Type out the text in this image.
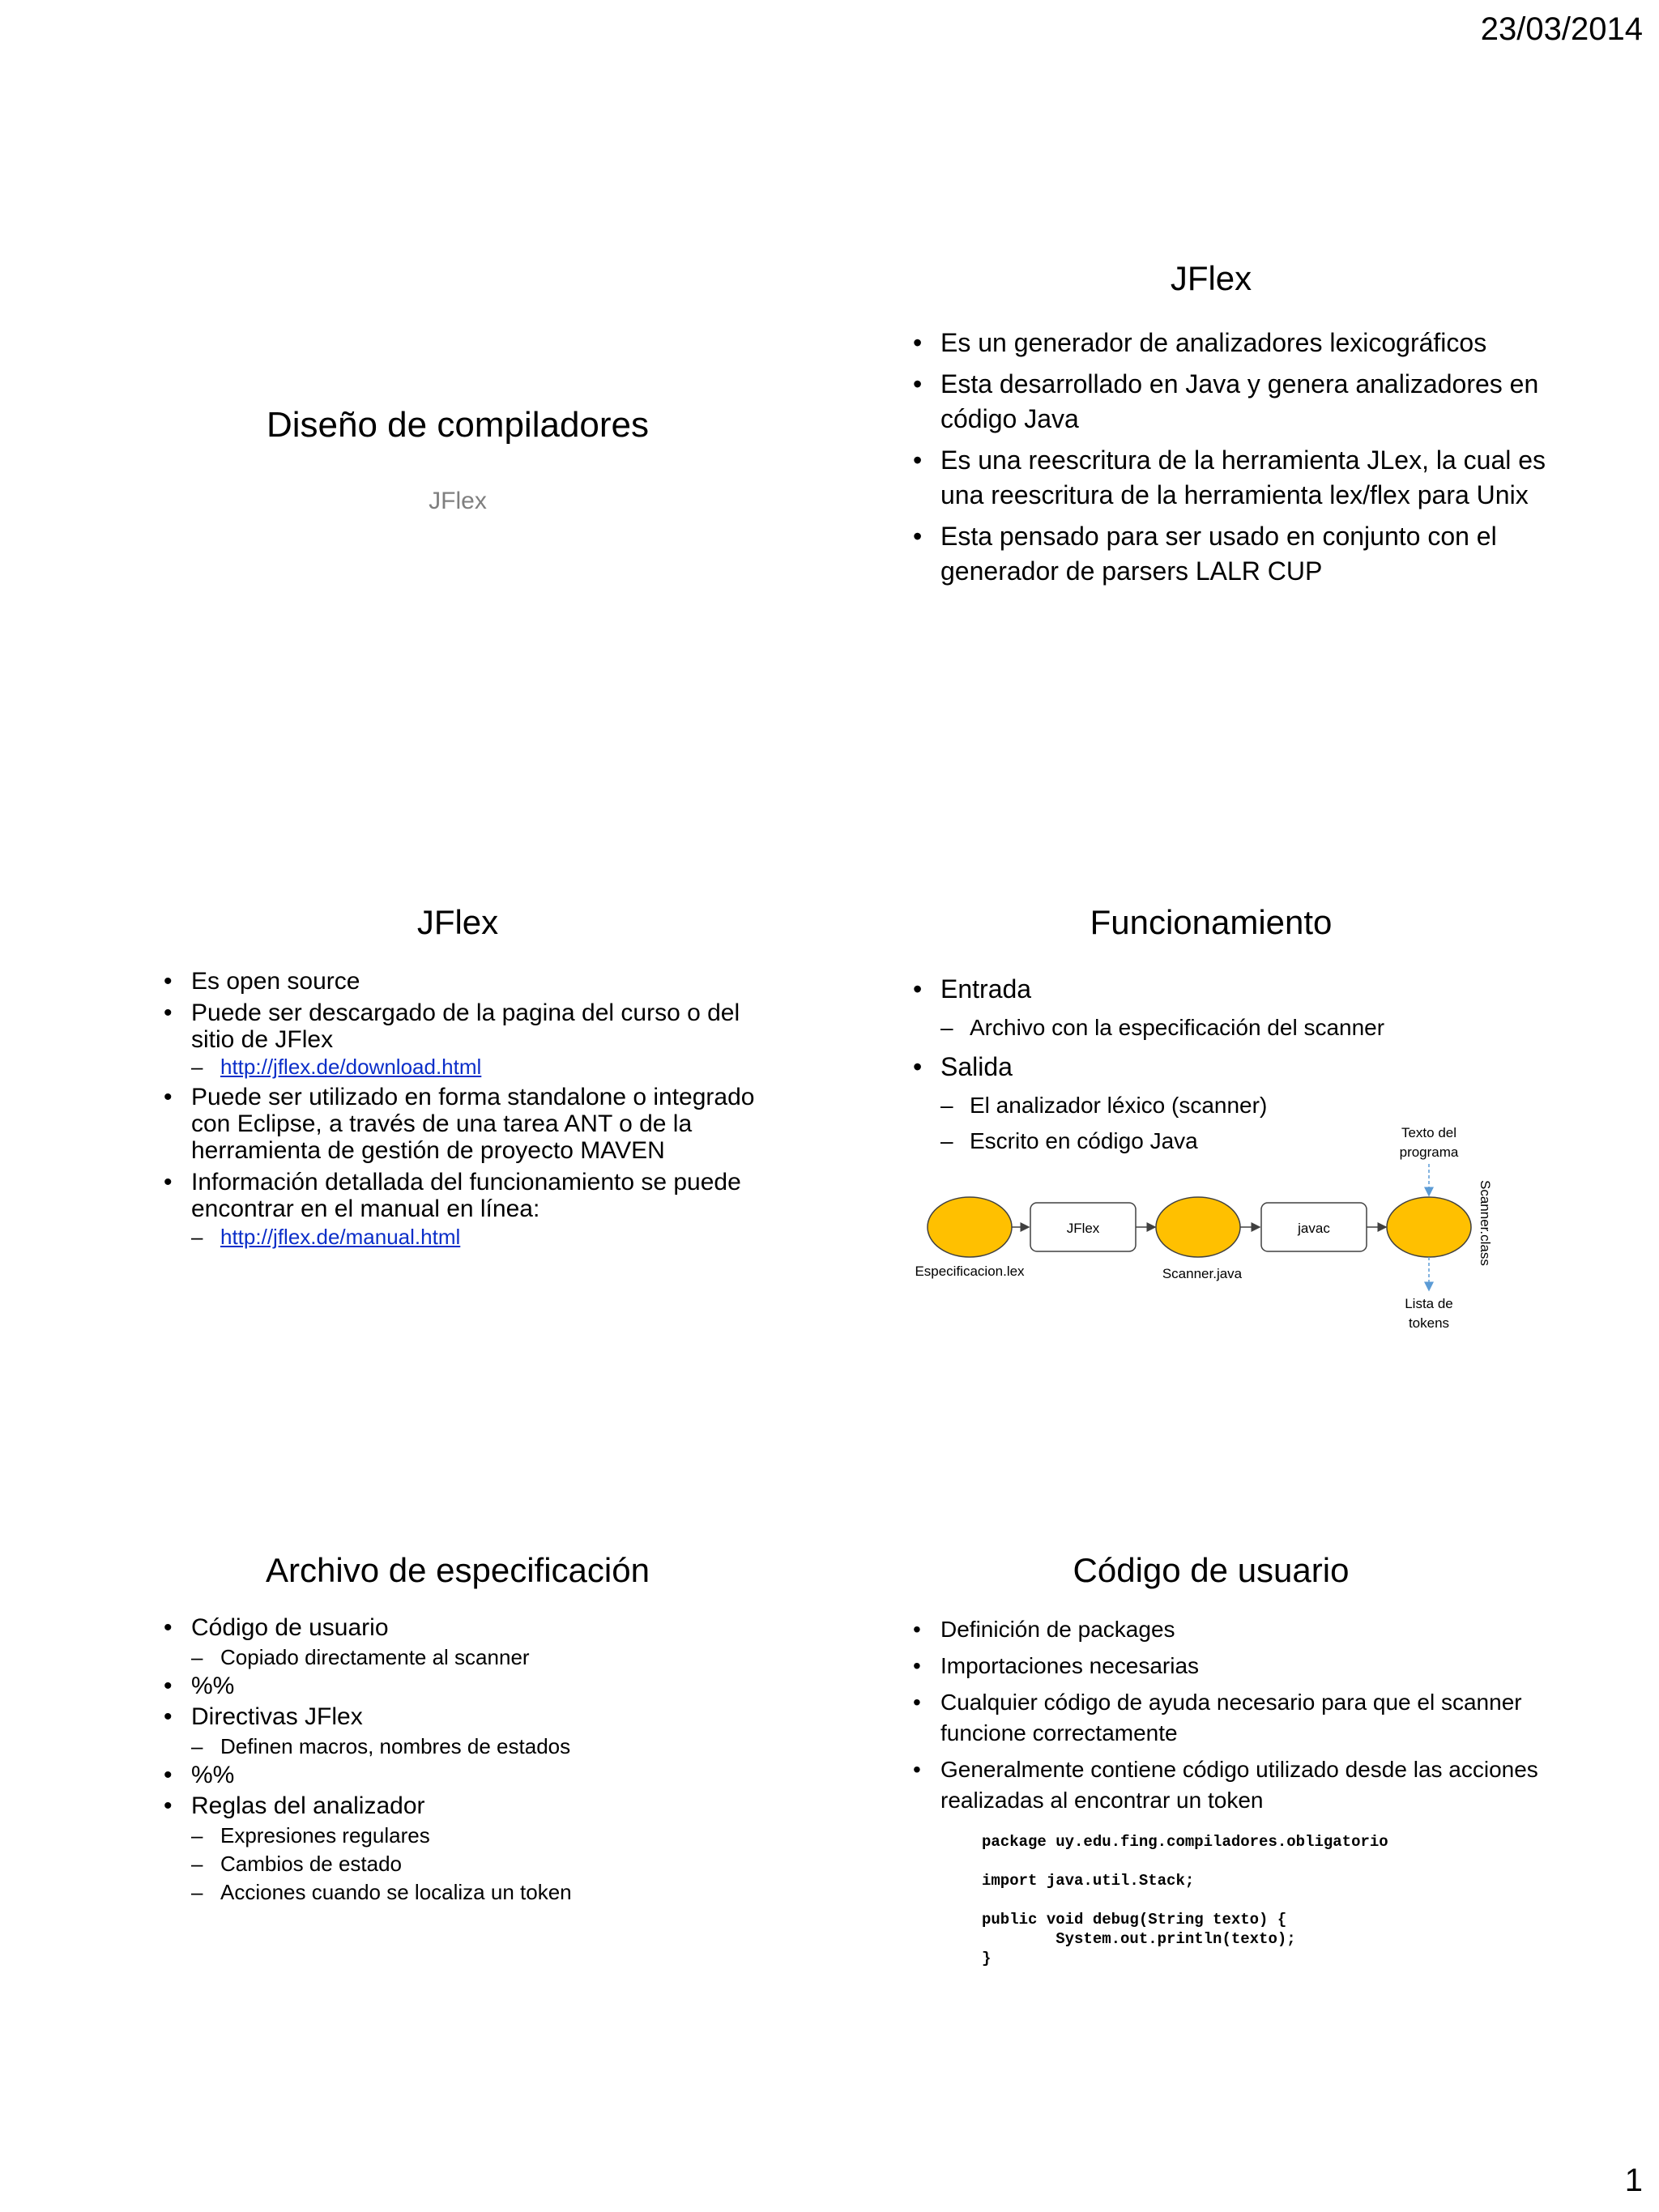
23/03/2014
Diseño de compiladores
JFlex
JFlex
• Es un generador de analizadores lexicográficos
• Esta desarrollado en Java y genera analizadores en código Java
• Es una reescritura de la herramienta JLex, la cual es una reescritura de la herramienta lex/flex para Unix
• Esta pensado para ser usado en conjunto con el generador de parsers LALR CUP
JFlex
• Es open source
• Puede ser descargado de la pagina del curso o del sitio de JFlex
– http://jflex.de/download.html
• Puede ser utilizado en forma standalone o integrado con Eclipse, a través de una tarea ANT o de la herramienta de gestión de proyecto MAVEN
• Información detallada del funcionamiento se puede encontrar en el manual en línea:
– http://jflex.de/manual.html
Funcionamiento
• Entrada
– Archivo con la especificación del scanner
• Salida
– El analizador léxico (scanner)
– Escrito en código Java
JFlex	javac
Texto del
programa
Lista de
tokens
Especificacion.lex	Scanner.java
Scanner.class
Archivo de especificación
• Código de usuario
– Copiado directamente al scanner
• %%
• Directivas JFlex
– Definen macros, nombres de estados
• %%
• Reglas del analizador
– Expresiones regulares
– Cambios de estado
– Acciones cuando se localiza un token
Código de usuario
• Definición de packages
• Importaciones necesarias
• Cualquier código de ayuda necesario para que el scanner funcione correctamente
• Generalmente contiene código utilizado desde las acciones realizadas al encontrar un token
package uy.edu.fing.compiladores.obligatorio
import java.util.Stack;
public void debug(String texto) {
System.out.println(texto);
}
1
